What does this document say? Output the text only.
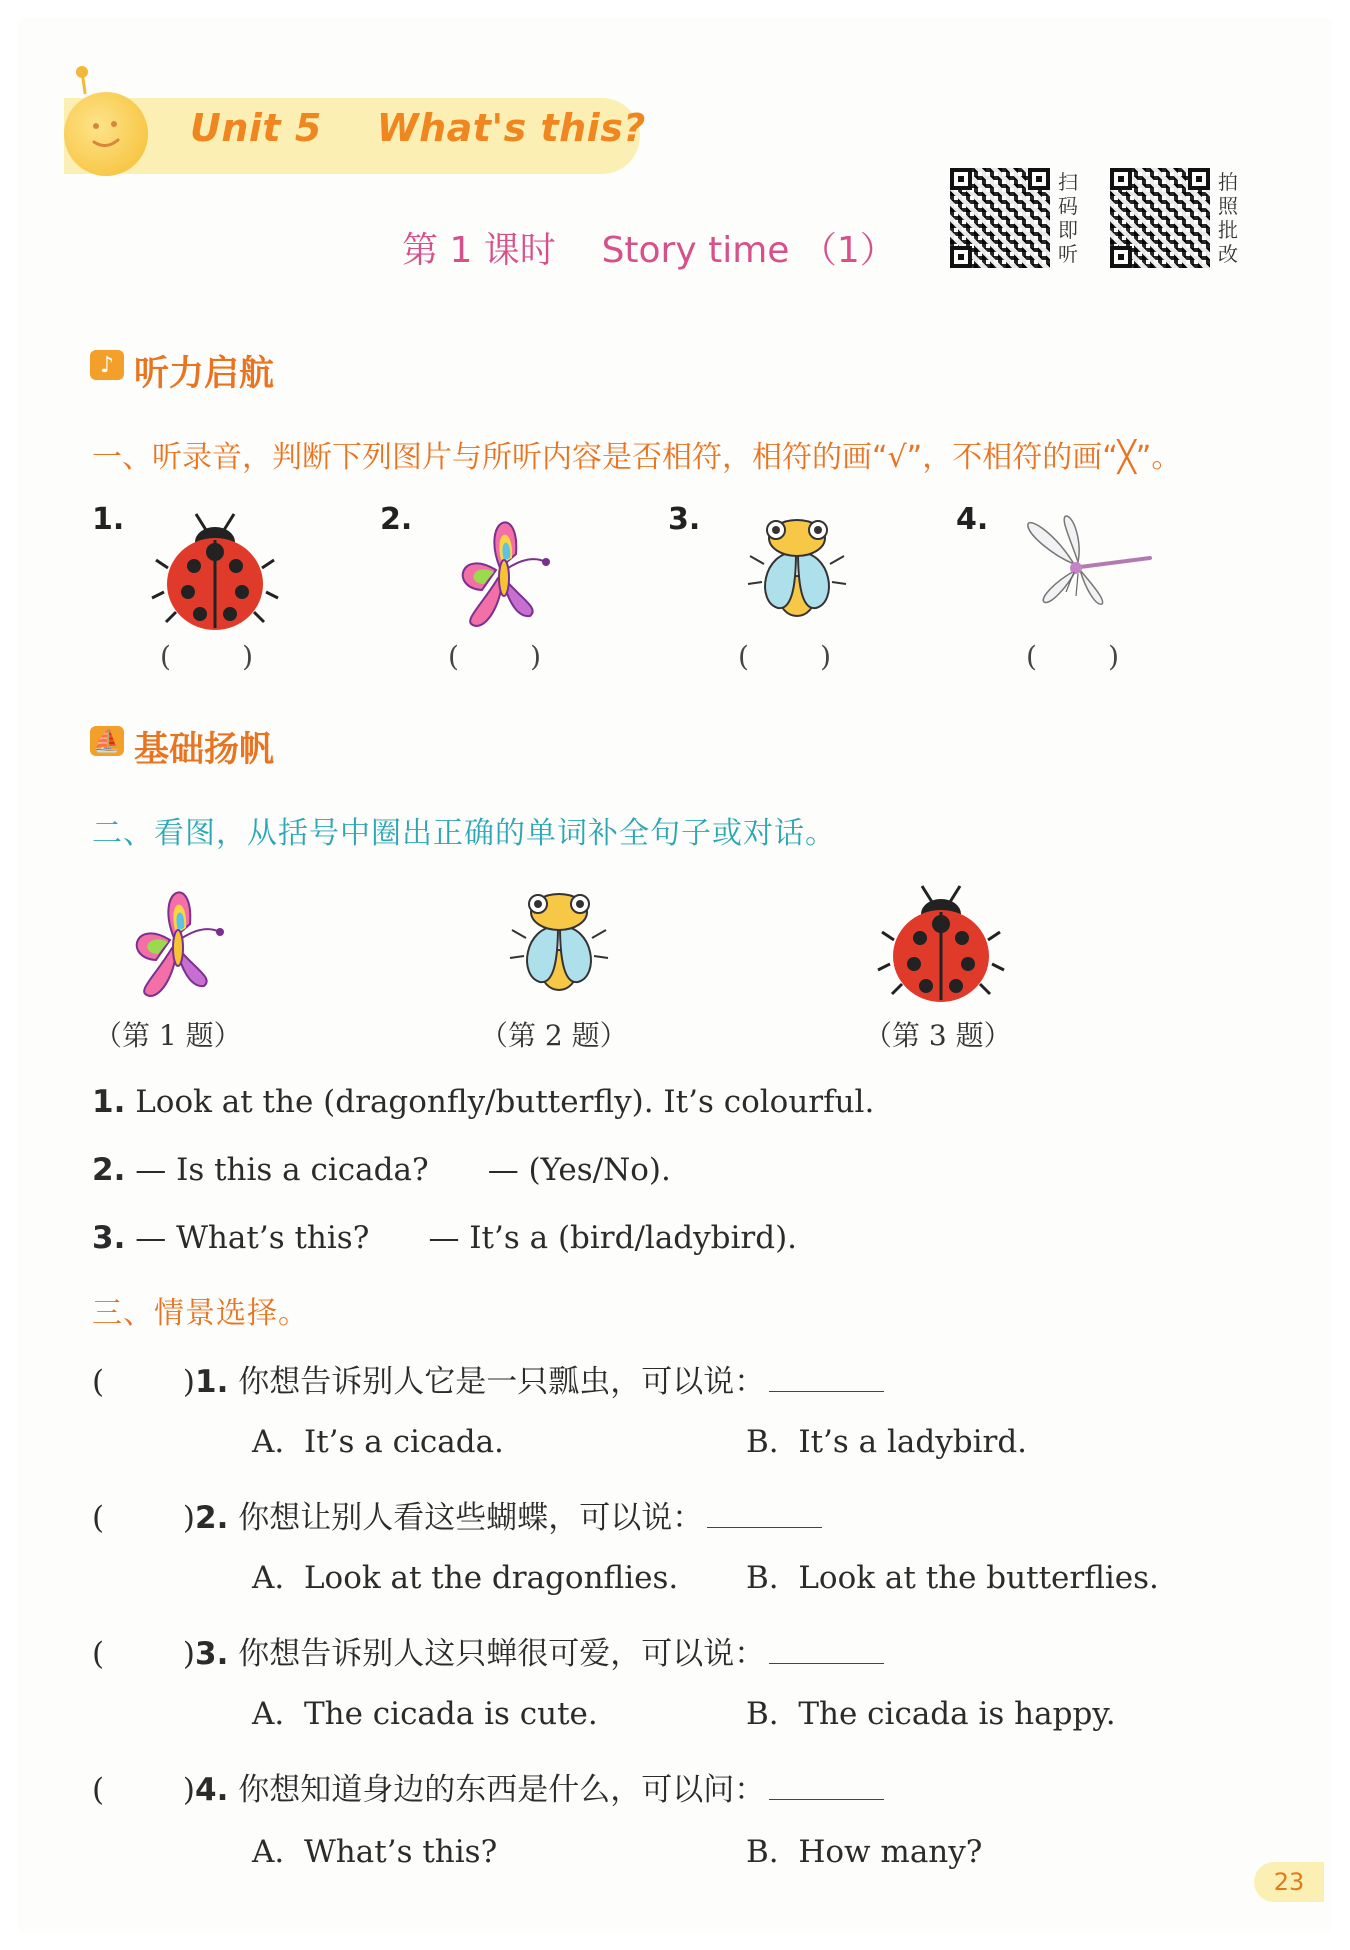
Unit 5    What's this?
第 1 课时    Story time （1）
扫码即听
拍照批改
♪ 听力启航
一、听录音，判断下列图片与所听内容是否相符，相符的画“√”，不相符的画“╳”。
1.	2.	3.	4.
(        )	(        )	(        )	(        )
⛵ 基础扬帆
二、看图，从括号中圈出正确的单词补全句子或对话。
（第 1 题）	（第 2 题）	（第 3 题）
1. Look at the (dragonfly/butterfly). It’s colourful.
2. — Is this a cicada?      — (Yes/No).
3. — What’s this?      — It’s a (bird/ladybird).
三、情景选择。
(        )1. 你想告诉别人它是一只瓢虫，可以说：
A.  It’s a cicada.	B.  It’s a ladybird.
(        )2. 你想让别人看这些蝴蝶，可以说：
A.  Look at the dragonflies. B.  Look at the butterflies.
(        )3. 你想告诉别人这只蝉很可爱，可以说：
A.  The cicada is cute.	B.  The cicada is happy.
(        )4. 你想知道身边的东西是什么，可以问：
A.  What’s this?	B.  How many?
23
